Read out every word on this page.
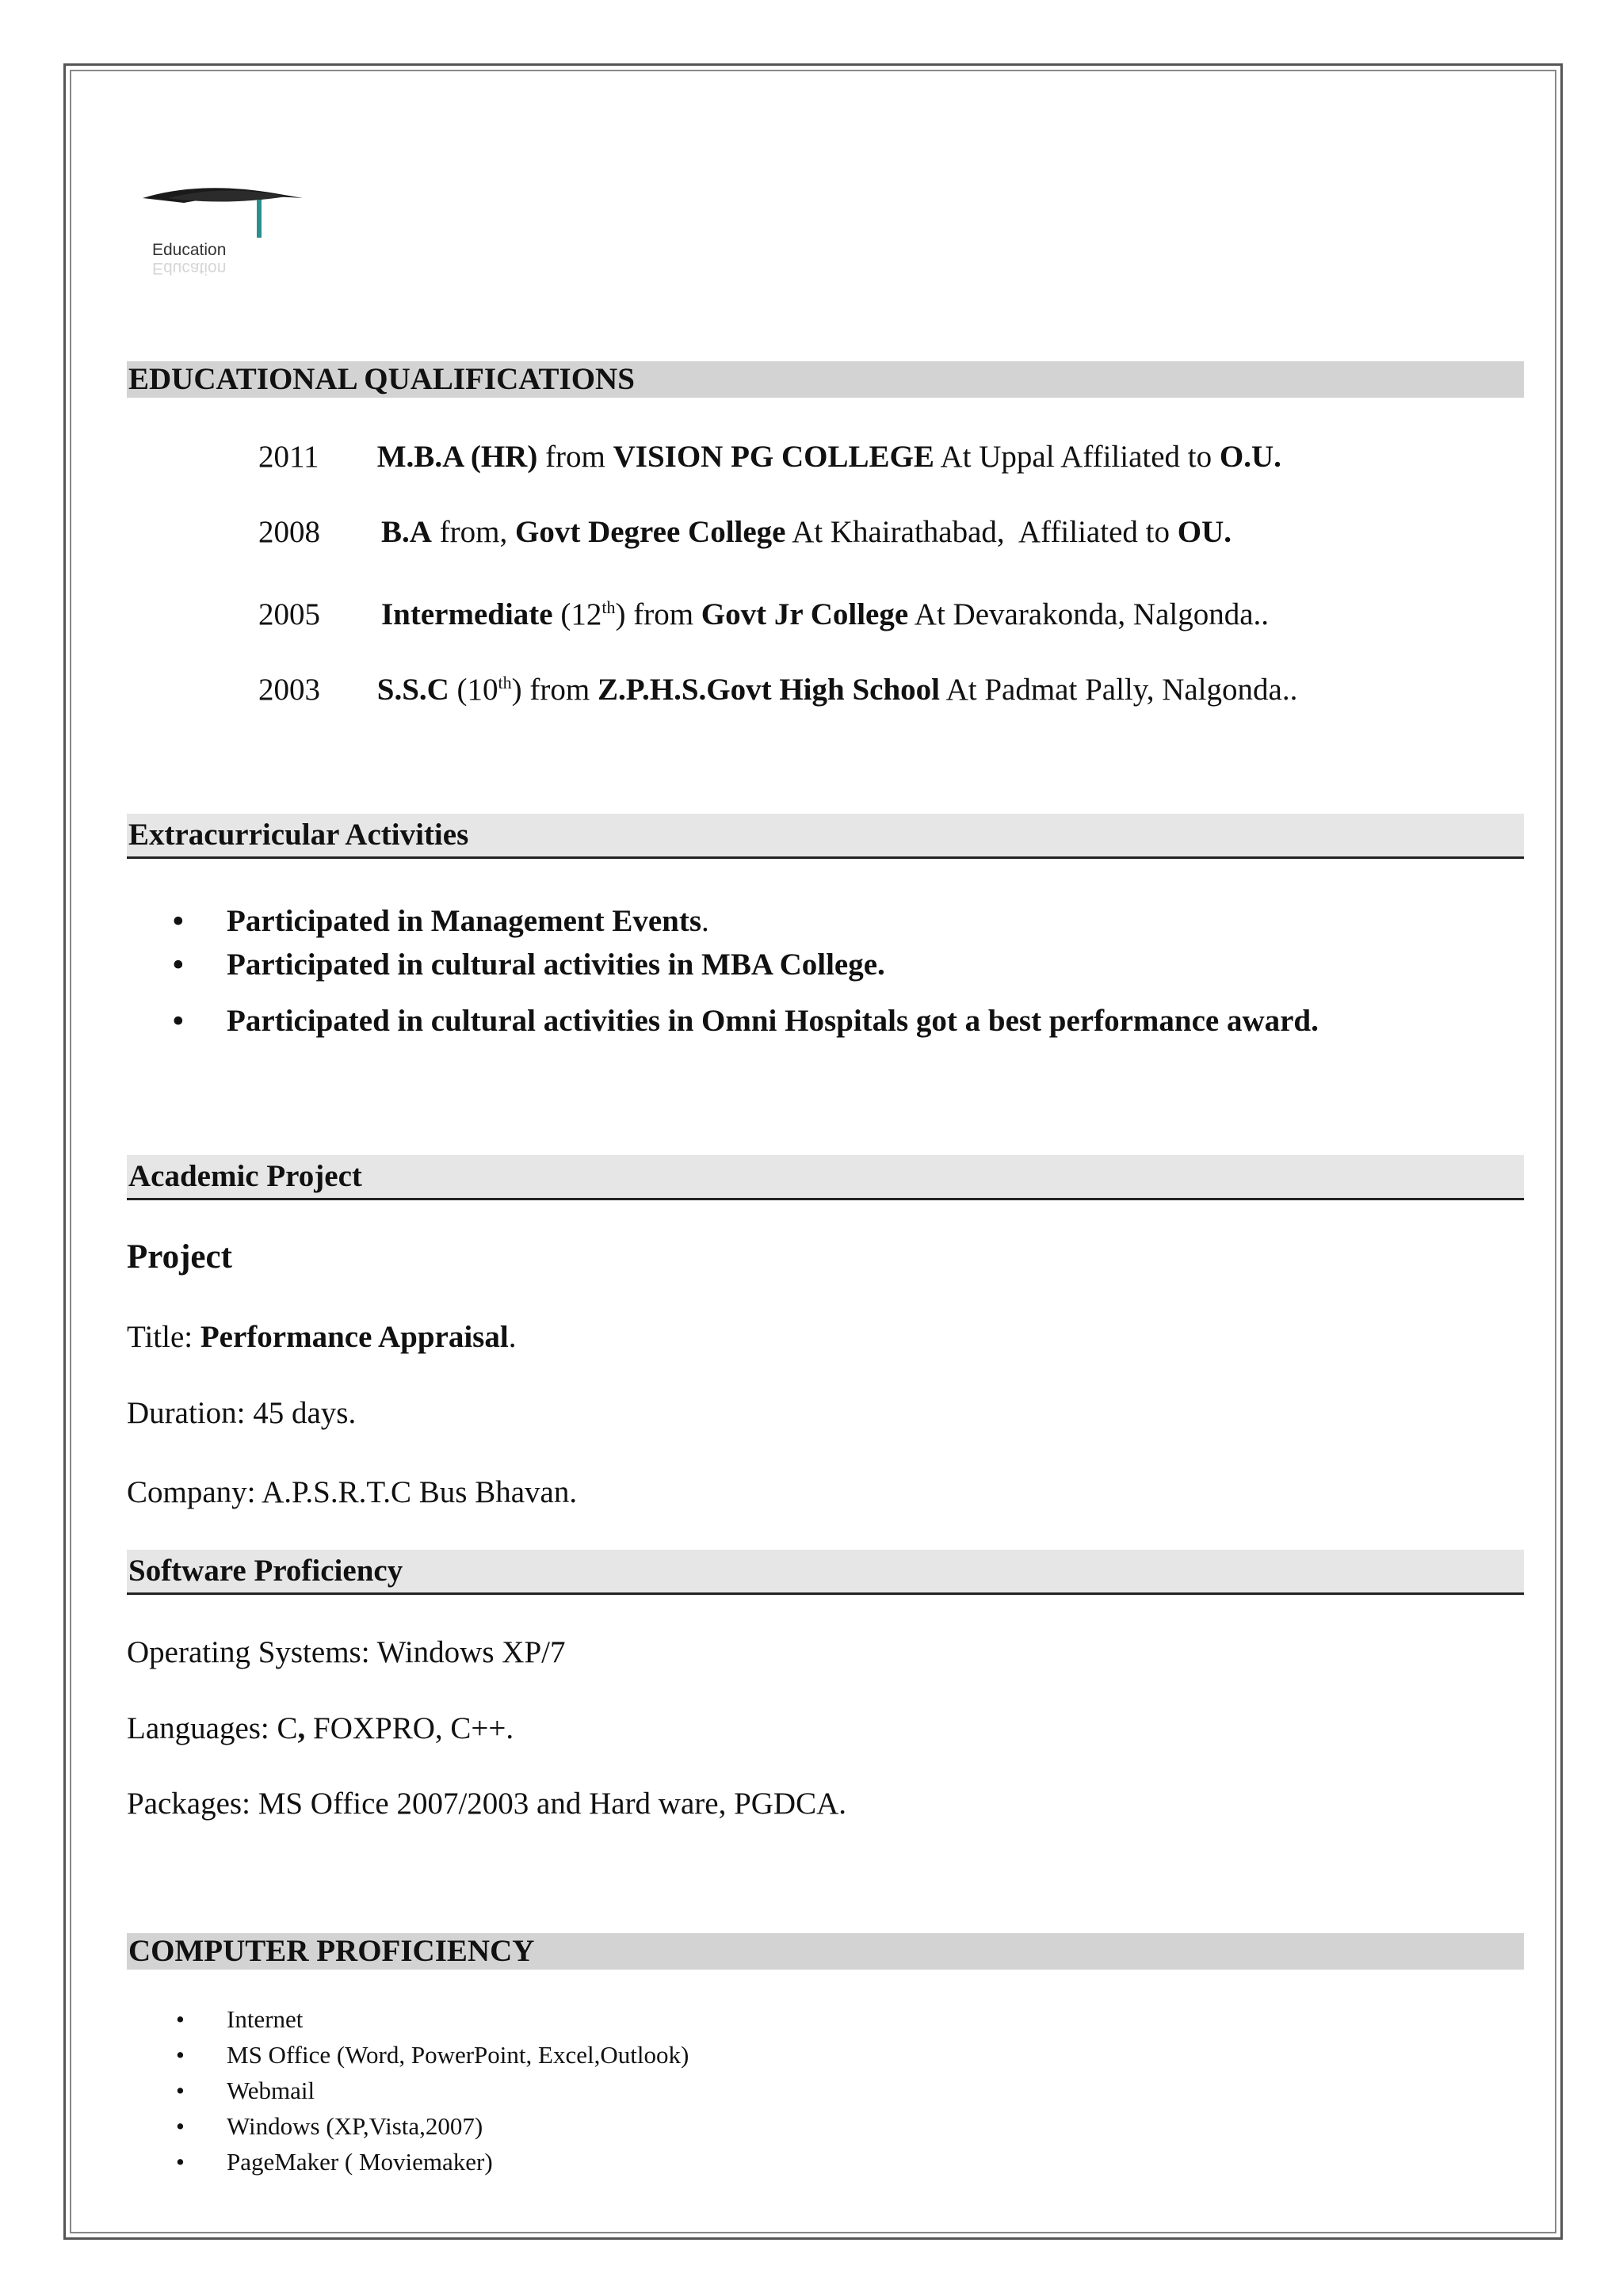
Education
Education
EDUCATIONAL QUALIFICATIONS
2011 M.B.A (HR) from VISION PG COLLEGE At Uppal Affiliated to O.U.
2008 B.A from, Govt Degree College At Khairathabad,  Affiliated to OU.
2005 Intermediate (12th) from Govt Jr College At Devarakonda, Nalgonda..
2003 S.S.C (10th) from Z.P.H.S.Govt High School At Padmat Pally, Nalgonda..
Extracurricular Activities
• Participated in Management Events.
• Participated in cultural activities in MBA College.
• Participated in cultural activities in Omni Hospitals got a best performance award.
Academic Project
Project
Title: Performance Appraisal.
Duration: 45 days.
Company: A.P.S.R.T.C Bus Bhavan.
Software Proficiency
Operating Systems: Windows XP/7
Languages: C, FOXPRO, C++.
Packages: MS Office 2007/2003 and Hard ware, PGDCA.
COMPUTER PROFICIENCY
• Internet
• MS Office (Word, PowerPoint, Excel,Outlook)
• Webmail
• Windows (XP,Vista,2007)
• PageMaker ( Moviemaker)
